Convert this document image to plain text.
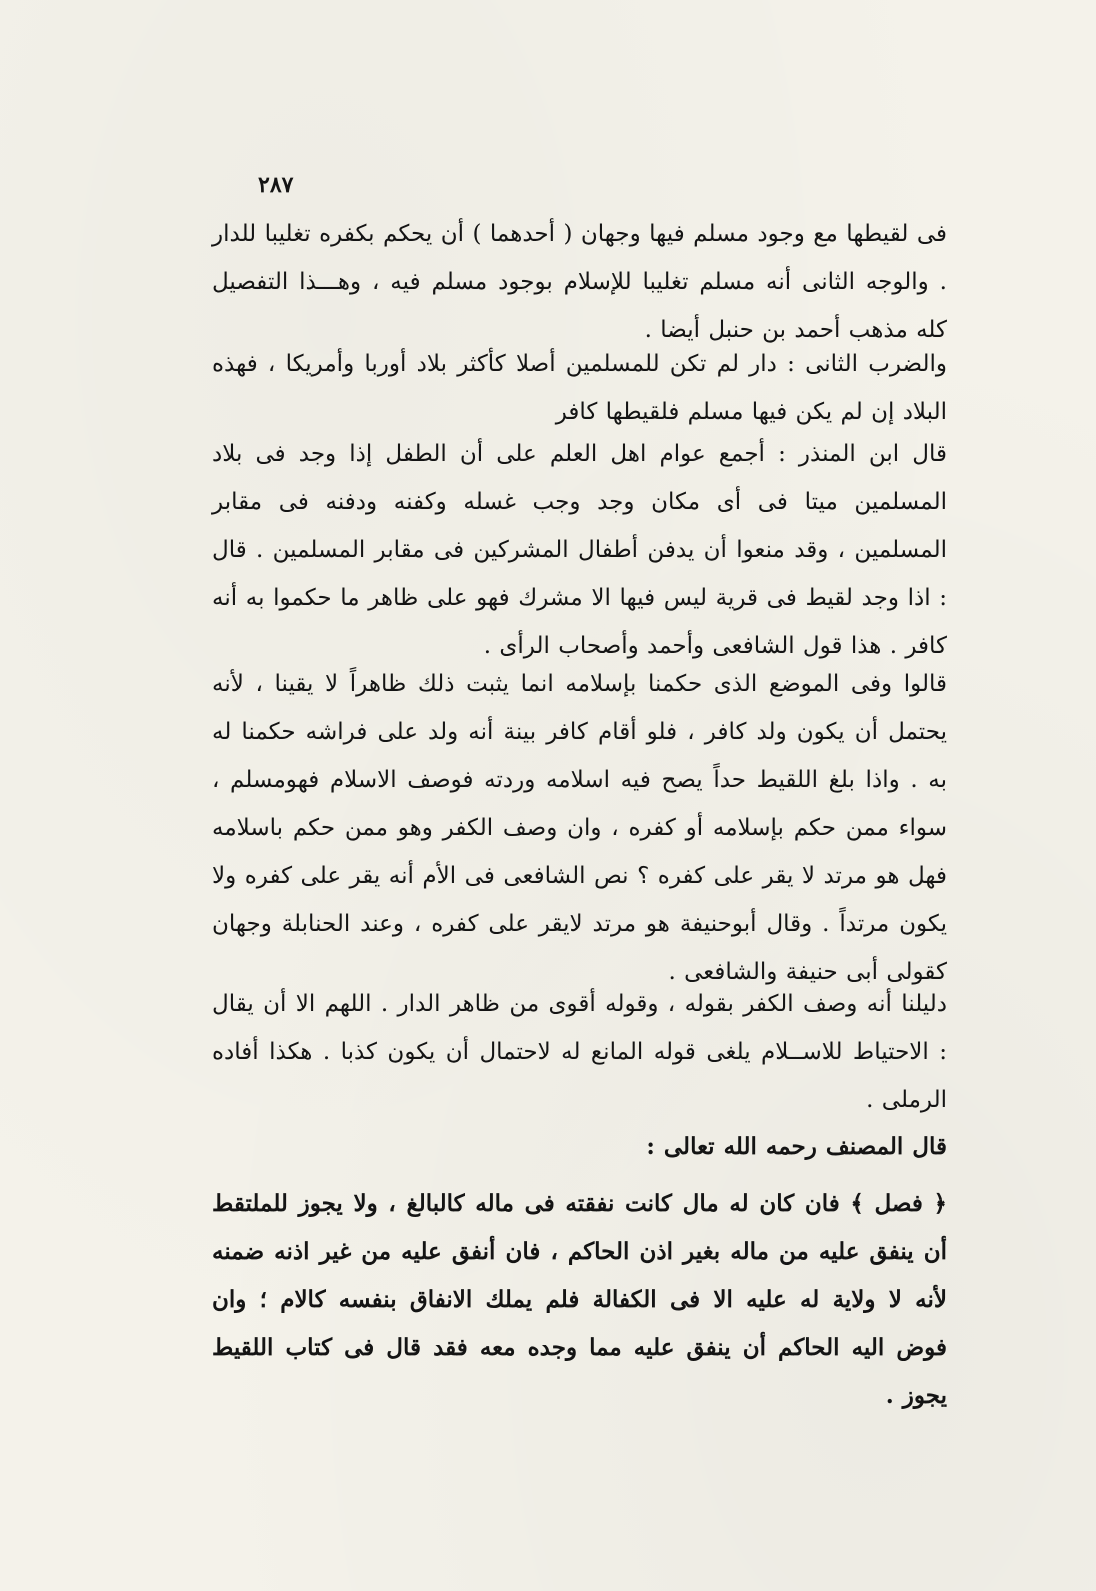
٢٨٧
فى لقيطها مع وجود مسلم فيها وجهان ( أحدهما ) أن يحكم بكفره تغليبا للدار . والوجه الثانى أنه مسلم تغليبا للإسلام بوجود مسلم فيه ، وهـــذا التفصيل كله مذهب أحمد بن حنبل أيضا .
والضرب الثانى : دار لم تكن للمسلمين أصلا كأكثر بلاد أوربا وأمريكا ، فهذه البلاد إن لم يكن فيها مسلم فلقيطها كافر
قال ابن المنذر : أجمع عوام اهل العلم على أن الطفل إذا وجد فى بلاد المسلمين ميتا فى أى مكان وجد وجب غسله وكفنه ودفنه فى مقابر المسلمين ، وقد منعوا أن يدفن أطفال المشركين فى مقابر المسلمين . قال : اذا وجد لقيط فى قرية ليس فيها الا مشرك فهو على ظاهر ما حكموا به أنه كافر . هذا قول الشافعى وأحمد وأصحاب الرأى .
قالوا وفى الموضع الذى حكمنا بإسلامه انما يثبت ذلك ظاهراً لا يقينا ، لأنه يحتمل أن يكون ولد كافر ، فلو أقام كافر بينة أنه ولد على فراشه حكمنا له به . واذا بلغ اللقيط حداً يصح فيه اسلامه وردته فوصف الاسلام فهومسلم ، سواء ممن حكم بإسلامه أو كفره ، وان وصف الكفر وهو ممن حكم باسلامه فهل هو مرتد لا يقر على كفره ؟ نص الشافعى فى الأم أنه يقر على كفره ولا يكون مرتداً . وقال أبوحنيفة هو مرتد لايقر على كفره ، وعند الحنابلة وجهان كقولى أبى حنيفة والشافعى .
دليلنا أنه وصف الكفر بقوله ، وقوله أقوى من ظاهر الدار . اللهم الا أن يقال : الاحتياط للاســلام يلغى قوله المانع له لاحتمال أن يكون كذبا . هكذا أفاده الرملى .
قال المصنف رحمه الله تعالى :
﴿ فصل ﴾ فان كان له مال كانت نفقته فى ماله كالبالغ ، ولا يجوز للملتقط أن ينفق عليه من ماله بغير اذن الحاكم ، فان أنفق عليه من غير اذنه ضمنه لأنه لا ولاية له عليه الا فى الكفالة فلم يملك الانفاق بنفسه كالام ؛ وان فوض اليه الحاكم أن ينفق عليه مما وجده معه فقد قال فى كتاب اللقيط يجوز .
